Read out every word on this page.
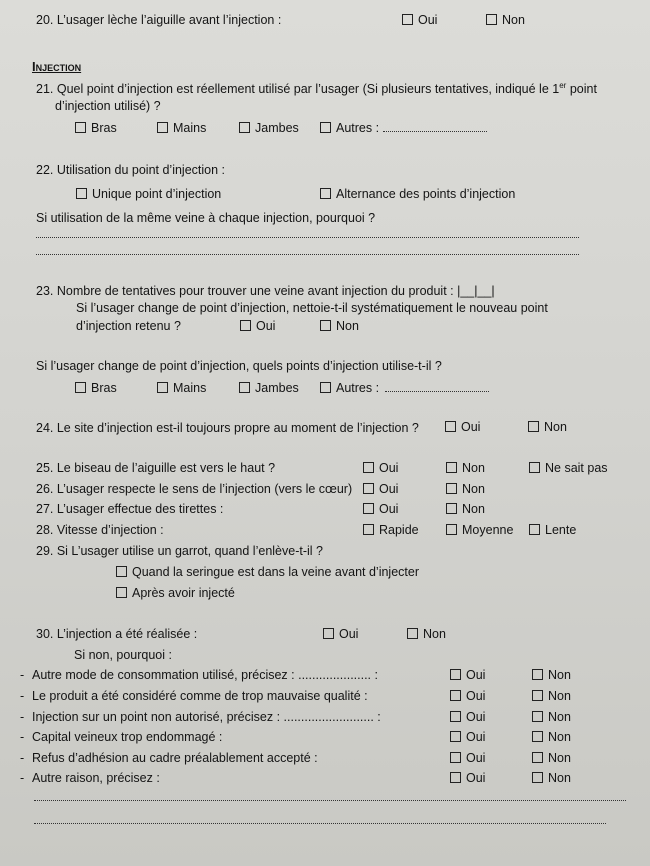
20. L’usager lèche l’aiguille avant l’injection :	Oui	Non
Injection
21. Quel point d’injection est réellement utilisé par l’usager (Si plusieurs tentatives, indiqué le 1er point
d’injection utilisé) ?
Bras	Mains	Jambes	Autres :
22. Utilisation du point d’injection :
Unique point d’injection	Alternance des points d’injection
Si utilisation de la même veine à chaque injection, pourquoi ?
23. Nombre de tentatives pour trouver une veine avant injection du produit : |__|__|
Si l’usager change de point d’injection, nettoie-t-il systématiquement le nouveau point
d’injection retenu ?	Oui	Non
Si l’usager change de point d’injection, quels points d’injection utilise-t-il ?
Bras	Mains	Jambes	Autres :
24. Le site d’injection est-il toujours propre au moment de l’injection ?	Oui	Non
25. Le biseau de l’aiguille est vers le haut ?	Oui	Non	Ne sait pas
26. L’usager respecte le sens de l’injection (vers le cœur)	Oui	Non
27. L’usager effectue des tirettes :	Oui	Non
28. Vitesse d’injection :	Rapide	Moyenne	Lente
29. Si L’usager utilise un garrot, quand l’enlève-t-il ?
Quand la seringue est dans la veine avant d’injecter
Après avoir injecté
30. L’injection a été réalisée :	Oui	Non
Si non, pourquoi :
- Autre mode de consommation utilisé, précisez : ..................... :	Oui	Non
- Le produit a été considéré comme de trop mauvaise qualité :	Oui	Non
- Injection sur un point non autorisé, précisez : .......................... :	Oui	Non
- Capital veineux trop endommagé :	Oui	Non
- Refus d’adhésion au cadre préalablement accepté :	Oui	Non
- Autre raison, précisez :	Oui	Non
